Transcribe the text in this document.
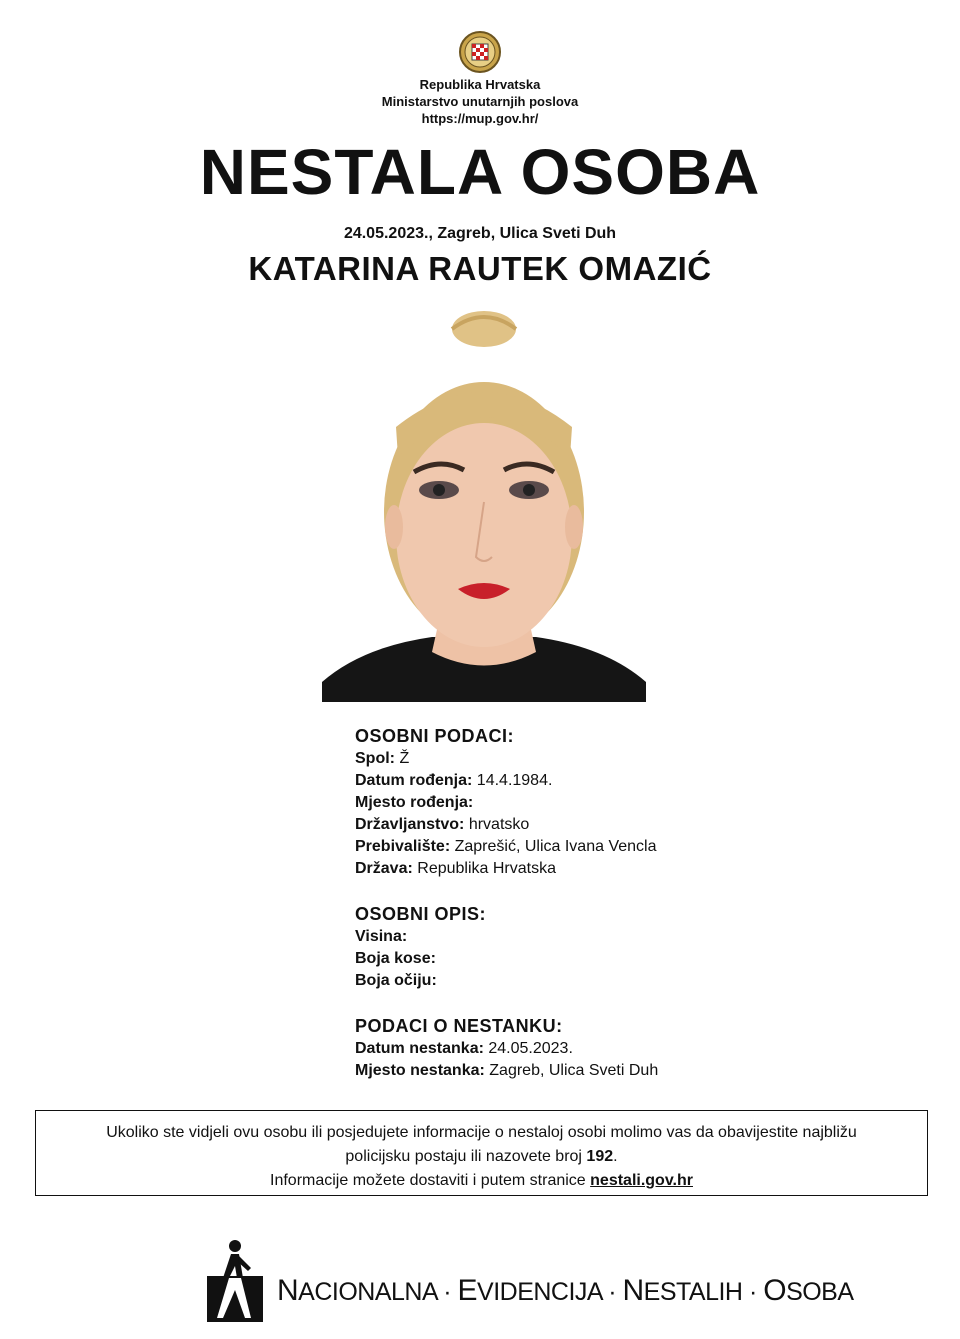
Republika Hrvatska
Ministarstvo unutarnjih poslova
https://mup.gov.hr/
NESTALA OSOBA
24.05.2023., Zagreb, Ulica Sveti Duh
KATARINA RAUTEK OMAZIĆ
OSOBNI PODACI:
Spol: Ž
Datum rođenja: 14.4.1984.
Mjesto rođenja:
Državljanstvo: hrvatsko
Prebivalište: Zaprešić, Ulica Ivana Vencla
Država: Republika Hrvatska
OSOBNI OPIS:
Visina:
Boja kose:
Boja očiju:
PODACI O NESTANKU:
Datum nestanka: 24.05.2023.
Mjesto nestanka: Zagreb, Ulica Sveti Duh
Ukoliko ste vidjeli ovu osobu ili posjedujete informacije o nestaloj osobi molimo vas da obavijestite najbližu
policijsku postaju ili nazovete broj 192.
Informacije možete dostaviti i putem stranice nestali.gov.hr
NACIONALNA · EVIDENCIJA · NESTALIH · OSOBA
